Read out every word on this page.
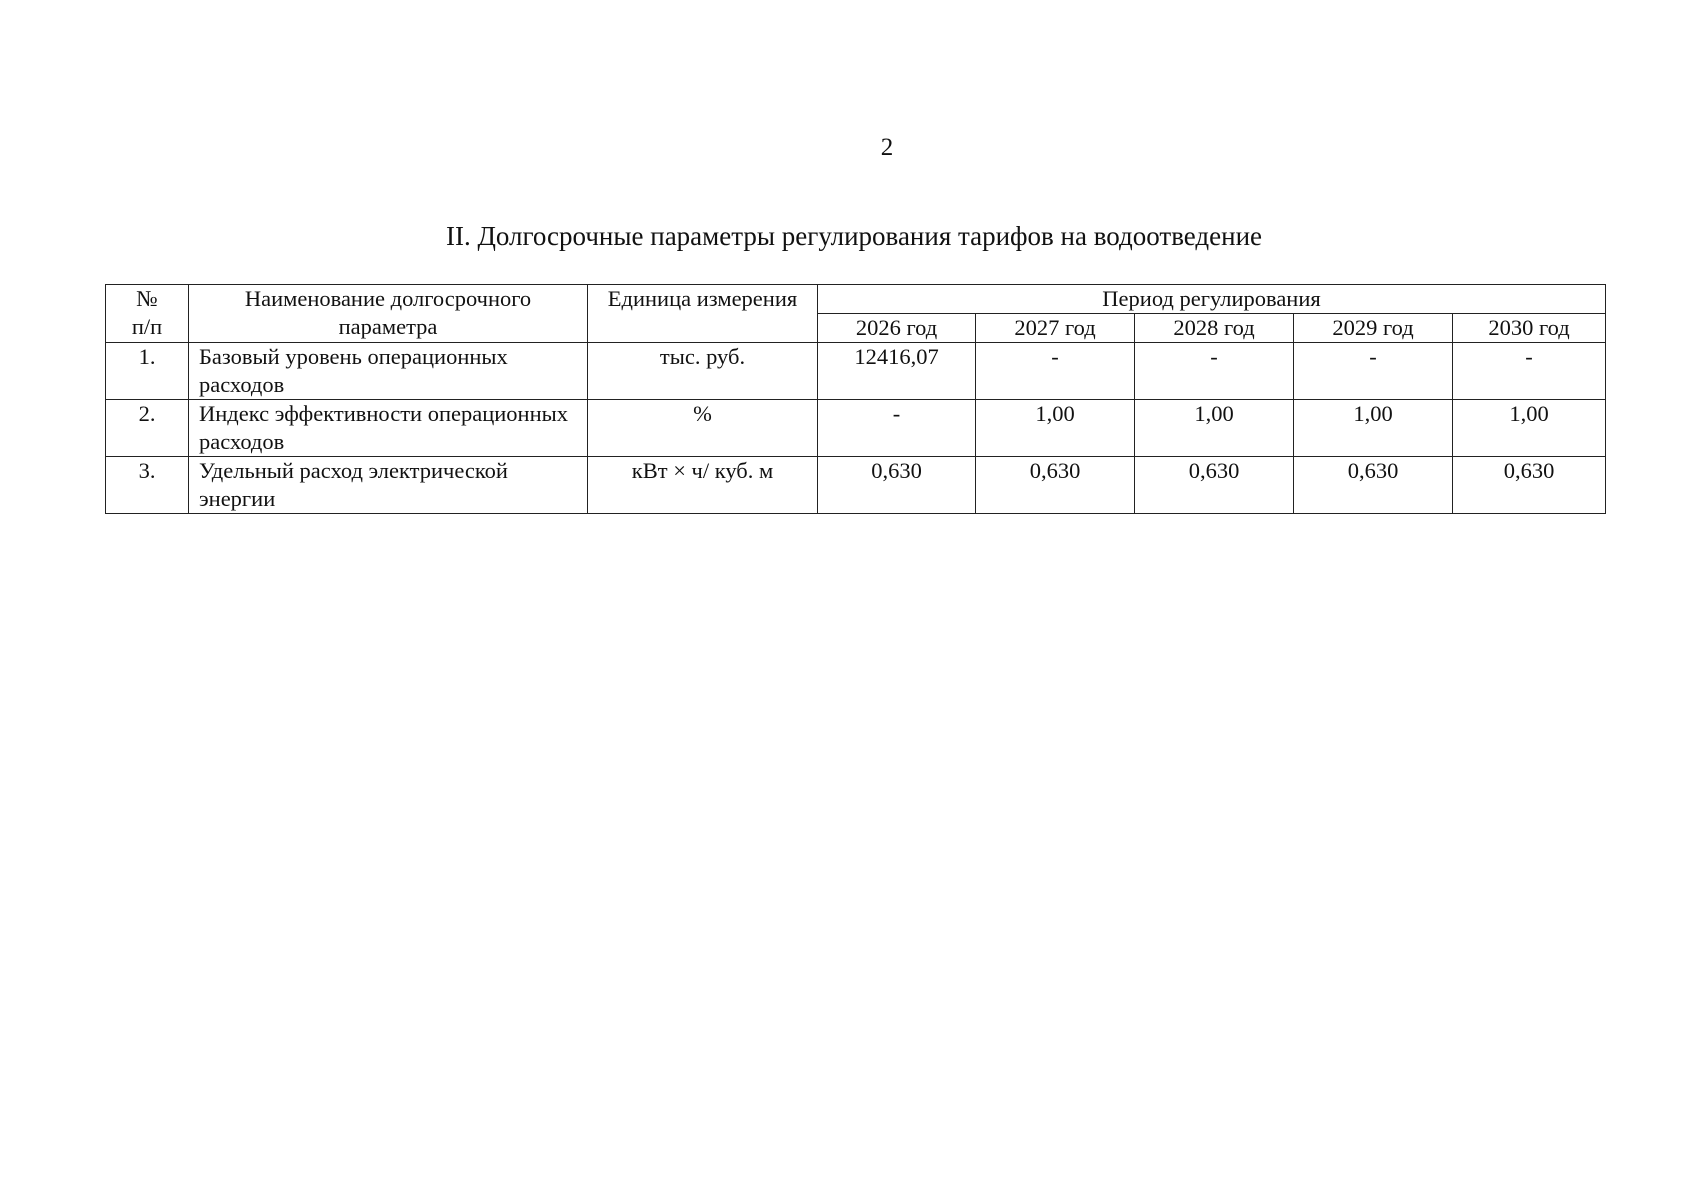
2
II. Долгосрочные параметры регулирования тарифов на водоотведение
№
п/п	Наименование долгосрочного параметра	Единица измерения	Период регулирования				
			2026 год	2027 год	2028 год	2029 год	2030 год
1.	Базовый уровень операционных расходов	тыс. руб.	12416,07	-	-	-	-
2.	Индекс эффективности операционных расходов	%	-	1,00	1,00	1,00	1,00
3.	Удельный расход электрической энергии	кВт × ч/ куб. м	0,630	0,630	0,630	0,630	0,630
